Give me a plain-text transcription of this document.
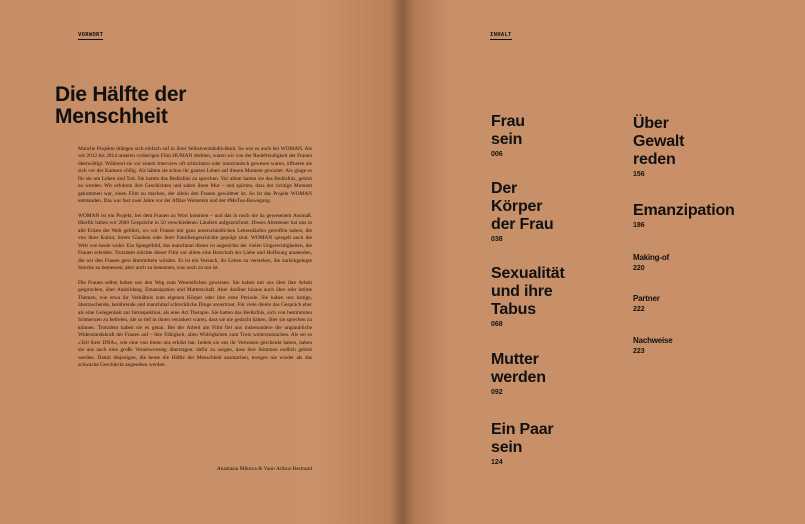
VORWORT
Die Hälfte der
Menschheit

Manche Projekte drängen sich einfach auf in ihrer Selbstverständlichkeit. So war es auch bei WOMAN. Als wir 2012 bis 2014 unseren vorherigen Film HUMAN drehten, waren wir von der Redefreudigkeit der Frauen überwältigt. Während sie vor einem Interview oft schüchtern oder misstrauisch gewesen waren, öffneten sie sich vor der Kamera völlig. Als hätten sie schon ihr ganzes Leben auf diesen Moment gewartet. Als ginge es für sie um Leben und Tod. Sie hatten das Bedürfnis zu sprechen. Vor allem hatten sie das Bedürfnis, gehört zu werden. Wir erfuhren ihre Geschichten und sahen ihren Mut – und spürten, dass der richtige Moment gekommen war, einen Film zu machen, der allein den Frauen gewidmet ist. So ist das Projekt WOMAN entstanden. Das war fast zwei Jahre vor der Affäre Weinstein und der #MeToo-Bewegung.

WOMAN ist ein Projekt, bei dem Frauen zu Wort kommen – und das in noch nie da gewesenem Ausmaß. Hierfür haben wir 2000 Gespräche in 50 verschiedenen Ländern aufgezeichnet. Dieses Abenteuer hat uns in alle Ecken der Welt geführt, wo wir Frauen mit ganz unterschiedlichen Lebensläufen getroffen haben, die von ihrer Kultur, ihrem Glauben oder ihrer Familiengeschichte geprägt sind. WOMAN spiegelt auch die Welt von heute wider. Ein Spiegelbild, das manchmal düster ist angesichts der vielen Ungerechtigkeiten, die Frauen erleiden. Trotzdem möchte dieser Film vor allem eine Botschaft der Liebe und Hoffnung aussenden, die wir den Frauen gern übermitteln würden. Er ist ein Versuch, ihr Leben zu verstehen, die zurückgelegte Strecke zu bemessen, aber auch zu benennen, was noch zu tun ist.

Die Frauen selbst haben uns den Weg zum Wesentlichen gewiesen. Sie haben mit uns über ihre Arbeit gesprochen, über Ausbildung, Emanzipation und Mutterschaft. Aber darüber hinaus auch über sehr intime Themen, wie etwa ihr Verhältnis zum eigenen Körper oder ihre erste Periode. Sie haben uns lustige, überraschende, berührende und manchmal schreckliche Dinge anvertraut. Für viele diente das Gespräch eher als eine Gelegenheit zur Introspektion, als eine Art Therapie. Sie hatten das Bedürfnis, sich von bestimmten Schmerzen zu befreien, die so tief in ihnen verankert waren, dass sie nie gedacht hätten, über sie sprechen zu können. Trotzdem haben sie es getan. Bei der Arbeit am Film fiel uns insbesondere die unglaubliche Widerstandskraft der Frauen auf – ihre Fähigkeit, allen Widrigkeiten zum Trotz weiterzumachen. Als sei es »Teil ihrer DNA«, wie eine von ihnen uns erklärt hat. Indem sie uns ihr Vertrauen geschenkt haben, haben sie uns auch eine große Verantwortung übertragen: dafür zu sorgen, dass ihre Stimmen endlich gehört werden. Damit diejenigen, die heute die Hälfte der Menschheit ausmachen, morgen nie wieder als das schwache Geschlecht angesehen werden.

Anastasia Mikova & Yann Arthus-Bertrand
INHALT
Frau
sein
006
Der
Körper
der Frau
038
Sexualität
und ihre
Tabus
068
Mutter
werden
092
Ein Paar
sein
124
Über
Gewalt
reden
156
Emanzipation
186
Making-of
220
Partner
222
Nachweise
223
